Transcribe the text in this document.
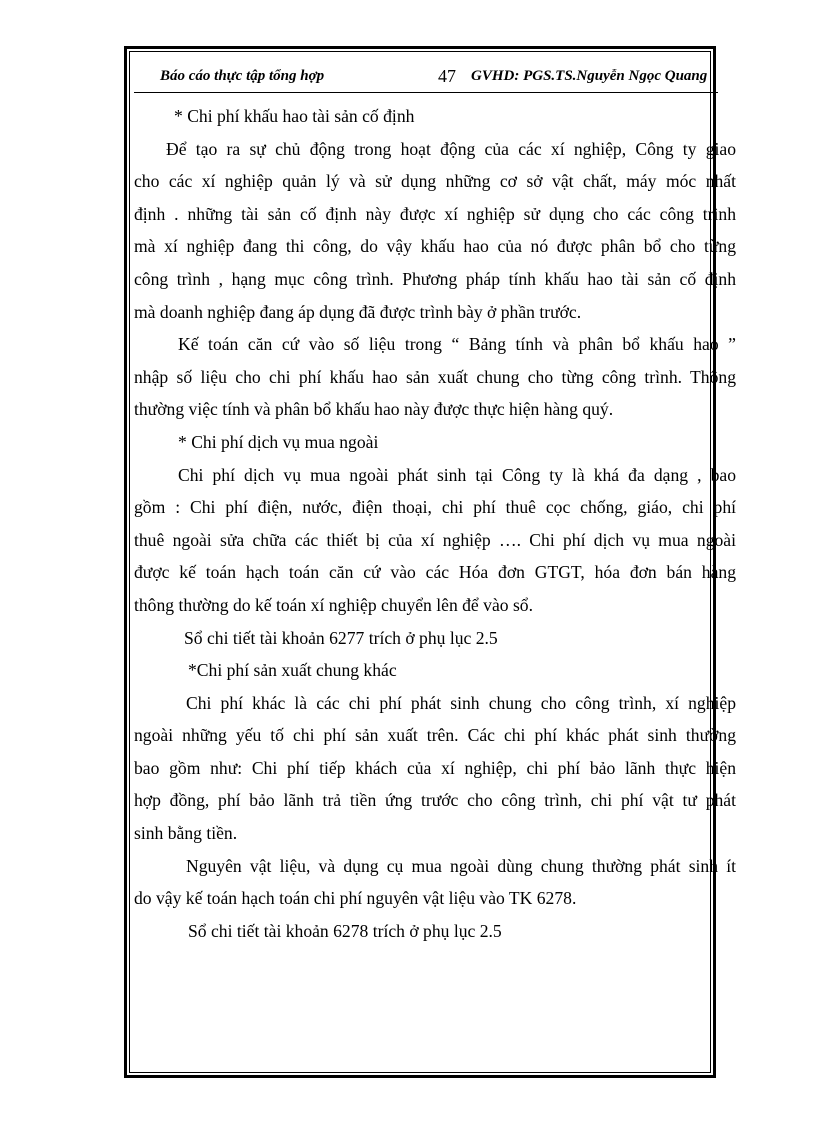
Báo cáo thực tập tổng hợp	47 GVHD: PGS.TS.Nguyễn Ngọc Quang
* Chi phí khấu hao tài sản cố định
Để tạo ra sự chủ động trong hoạt động của các xí nghiệp, Công ty giao
cho các xí nghiệp quản lý và sử dụng những cơ sở vật chất, máy móc nhất
định . những tài sản cố định này được xí nghiệp sử dụng cho các công trình
mà xí nghiệp đang thi công, do vậy khấu hao của nó được phân bổ cho từng
công trình , hạng mục công trình. Phương pháp tính khấu hao tài sản cố định
mà doanh nghiệp đang áp dụng đã được trình bày ở phần trước.
Kế toán căn cứ vào số liệu trong “ Bảng tính và phân bổ khấu hao ”
nhập số liệu cho chi phí khấu hao sản xuất chung cho từng công trình. Thông
thường việc tính và phân bổ khấu hao này được thực hiện hàng quý.
* Chi phí dịch vụ mua ngoài
Chi phí dịch vụ mua ngoài phát sinh tại Công ty là khá đa dạng , bao
gồm : Chi phí điện, nước, điện thoại, chi phí thuê cọc chống, giáo, chi phí
thuê ngoài sửa chữa các thiết bị của xí nghiệp …. Chi phí dịch vụ mua ngoài
được kế toán hạch toán căn cứ vào các Hóa đơn GTGT, hóa đơn bán hàng
thông thường do kế toán xí nghiệp chuyển lên để vào sổ.
Sổ chi tiết tài khoản 6277 trích ở phụ lục 2.5
*Chi phí sản xuất chung khác
Chi phí khác là các chi phí phát sinh chung cho công trình, xí nghiệp
ngoài những yếu tố chi phí sản xuất trên. Các chi phí khác phát sinh thường
bao gồm như: Chi phí tiếp khách của xí nghiệp, chi phí bảo lãnh thực hiện
hợp đồng, phí bảo lãnh trả tiền ứng trước cho công trình, chi phí vật tư phát
sinh bằng tiền.
Nguyên vật liệu, và dụng cụ mua ngoài dùng chung thường phát sinh ít
do vậy kế toán hạch toán chi phí nguyên vật liệu vào TK 6278.
Sổ chi tiết tài khoản 6278 trích ở phụ lục 2.5
